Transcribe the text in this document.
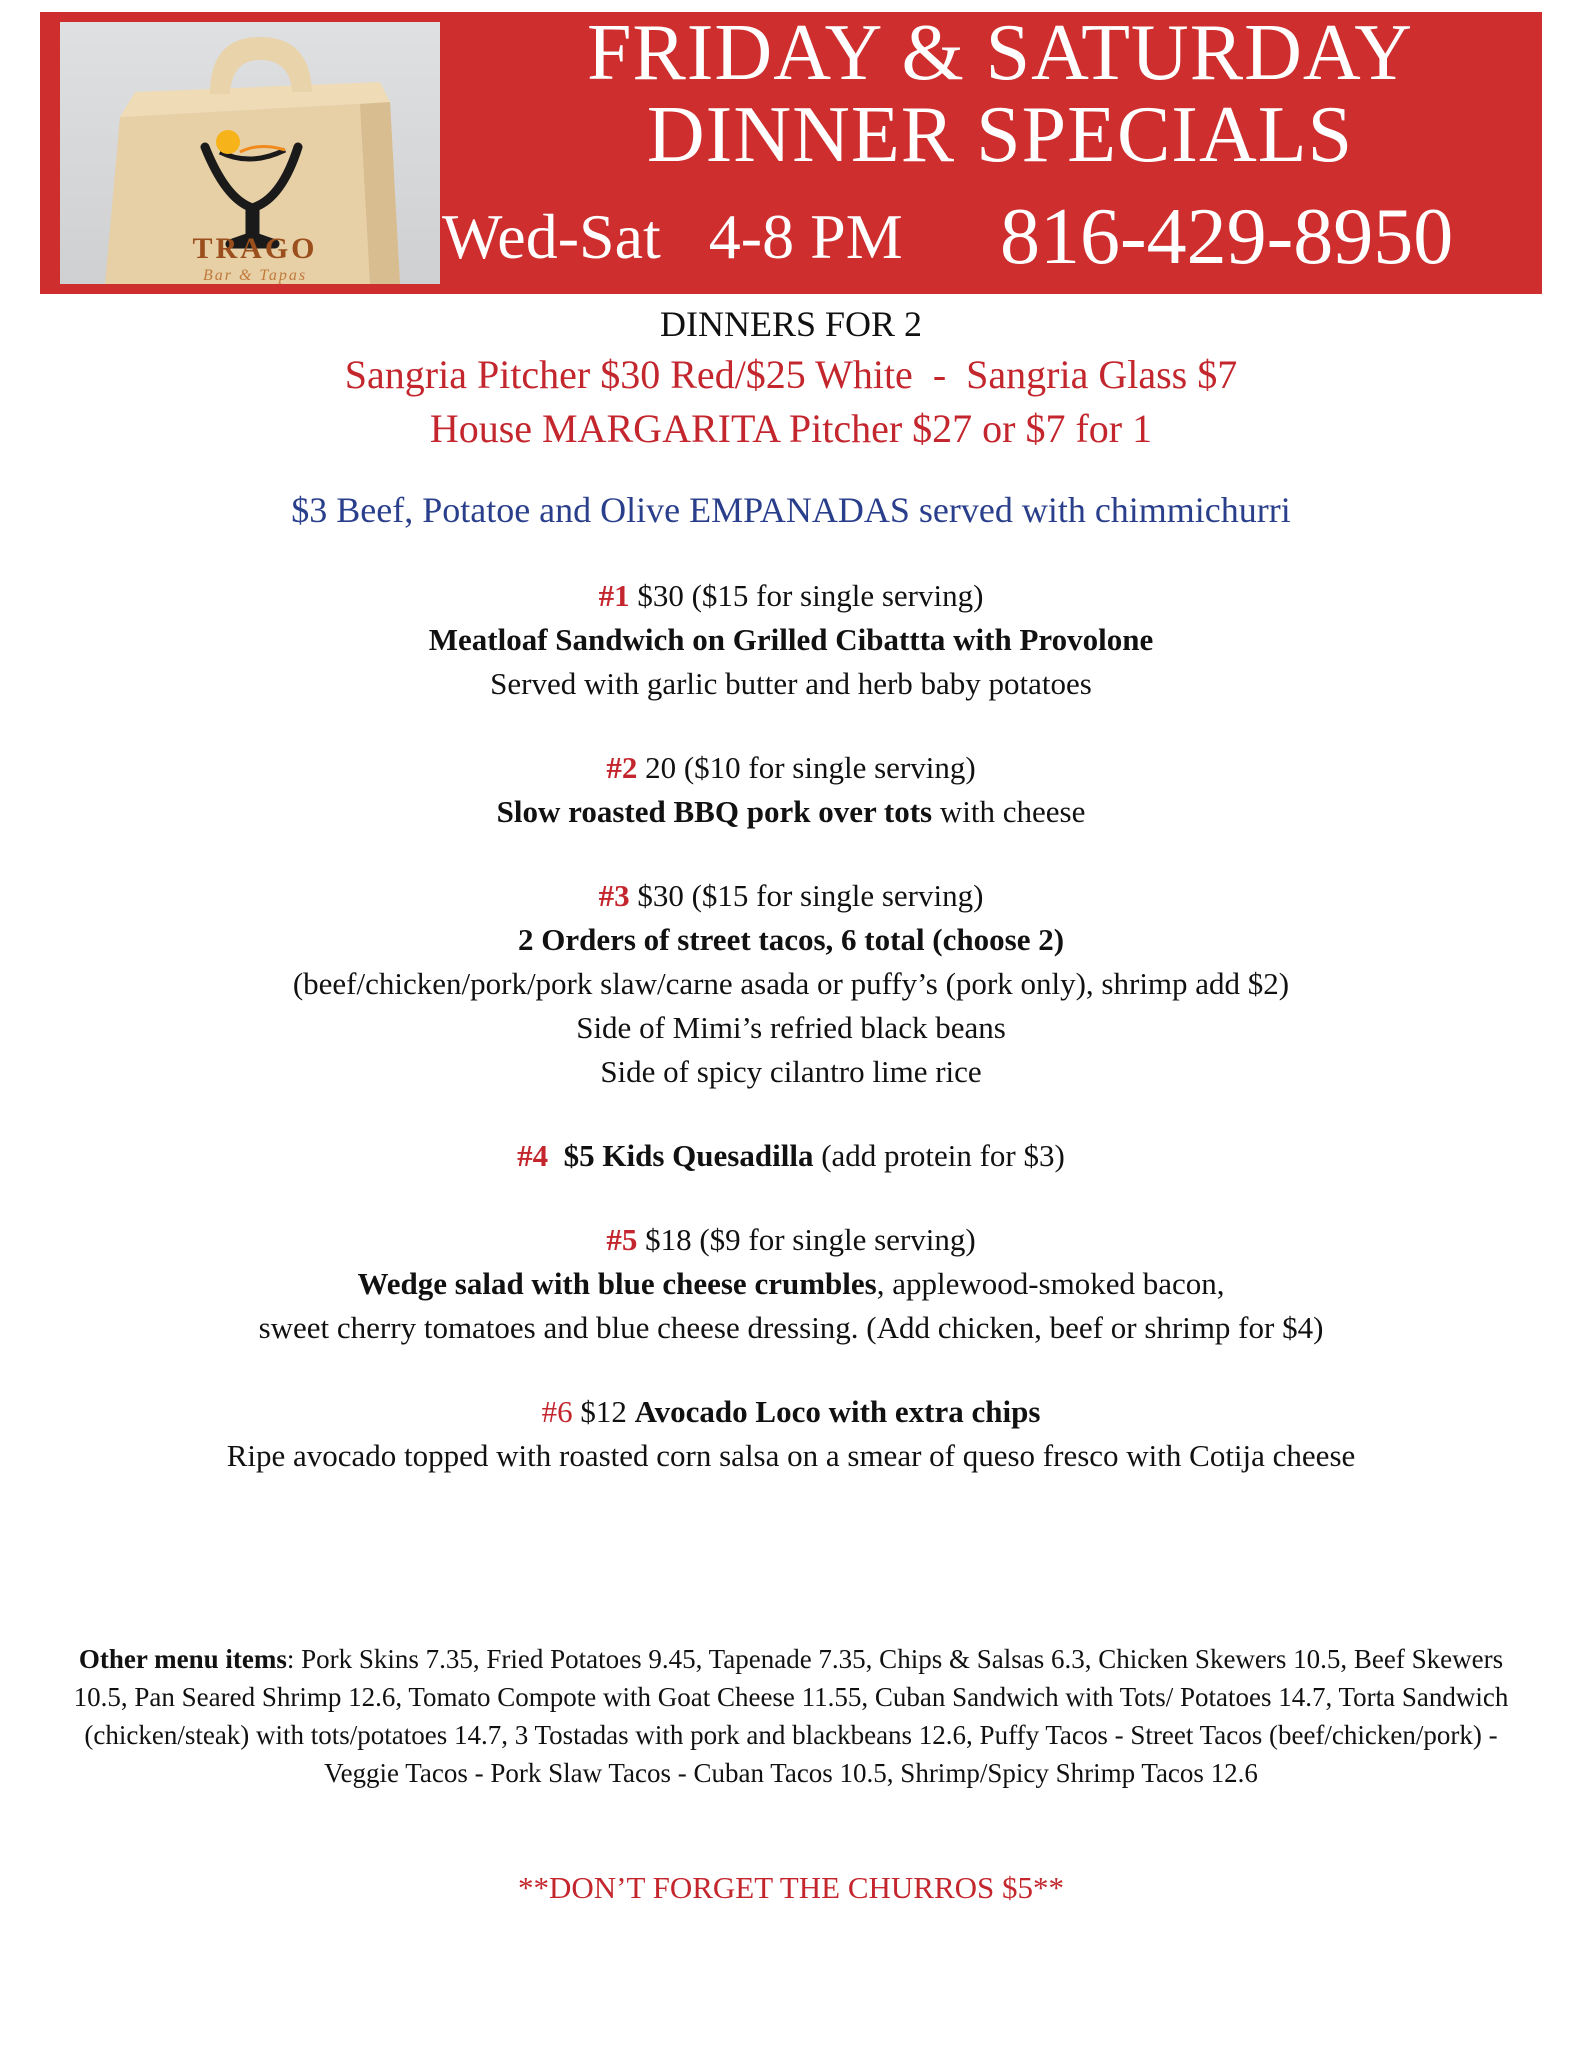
TRAGO
Bar & Tapas
FRIDAY & SATURDAY
DINNER SPECIALS
Wed-Sat   4-8 PM 816-429-8950
DINNERS FOR 2
Sangria Pitcher $30 Red/$25 White  -  Sangria Glass $7
House MARGARITA Pitcher $27 or $7 for 1
$3 Beef, Potatoe and Olive EMPANADAS served with chimmichurri
#1 $30 ($15 for single serving)
Meatloaf Sandwich on Grilled Cibattta with Provolone
Served with garlic butter and herb baby potatoes
#2 20 ($10 for single serving)
Slow roasted BBQ pork over tots with cheese
#3 $30 ($15 for single serving)
2 Orders of street tacos, 6 total (choose 2)
(beef/chicken/pork/pork slaw/carne asada or puffy’s (pork only), shrimp add $2)
Side of Mimi’s refried black beans
Side of spicy cilantro lime rice
#4  $5 Kids Quesadilla (add protein for $3)
#5 $18 ($9 for single serving)
Wedge salad with blue cheese crumbles, applewood-smoked bacon,
sweet cherry tomatoes and blue cheese dressing. (Add chicken, beef or shrimp for $4)
#6 $12 Avocado Loco with extra chips
Ripe avocado topped with roasted corn salsa on a smear of queso fresco with Cotija cheese
Other menu items: Pork Skins 7.35, Fried Potatoes 9.45, Tapenade 7.35, Chips & Salsas 6.3, Chicken Skewers 10.5, Beef Skewers 10.5, Pan Seared Shrimp 12.6, Tomato Compote with Goat Cheese 11.55, Cuban Sandwich with Tots/ Potatoes 14.7, Torta Sandwich (chicken/steak) with tots/potatoes 14.7, 3 Tostadas with pork and blackbeans 12.6, Puffy Tacos - Street Tacos (beef/chicken/pork) - Veggie Tacos - Pork Slaw Tacos - Cuban Tacos 10.5, Shrimp/Spicy Shrimp Tacos 12.6
**DON’T FORGET THE CHURROS $5**
